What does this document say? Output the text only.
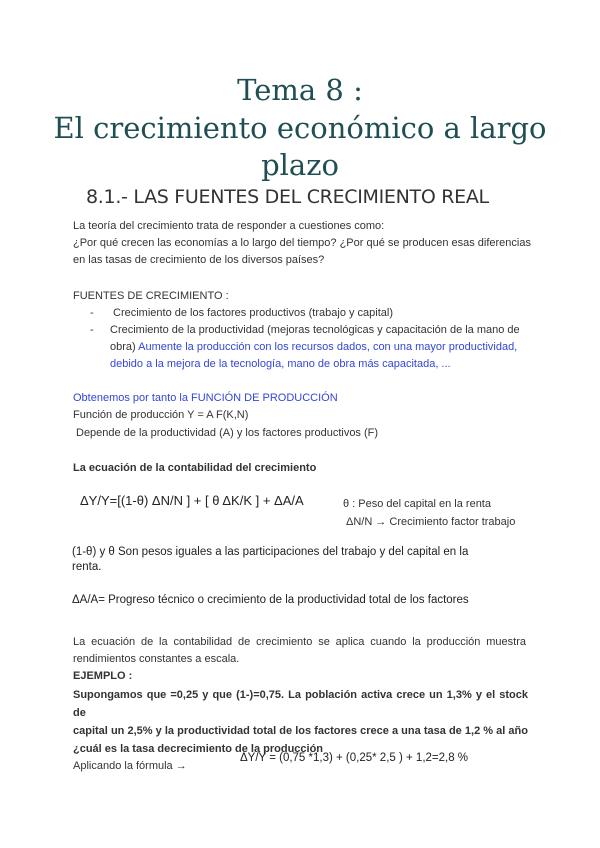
Tema 8 :
El crecimiento económico a largo
plazo
8.1.- LAS FUENTES DEL CRECIMIENTO REAL
La teoría del crecimiento trata de responder a cuestiones como:
¿Por qué crecen las economías a lo largo del tiempo? ¿Por qué se producen esas diferencias
en las tasas de crecimiento de los diversos países?
FUENTES DE CRECIMIENTO :
- Crecimiento de los factores productivos (trabajo y capital)
- Crecimiento de la productividad (mejoras tecnológicas y capacitación de la mano de
obra) Aumente la producción con los recursos dados, con una mayor productividad,
debido a la mejora de la tecnología, mano de obra más capacitada, ...
Obtenemos por tanto la FUNCIÓN DE PRODUCCIÓN
Función de producción Y = A F(K,N)
Depende de la productividad (A) y los factores productivos (F)
La ecuación de la contabilidad del crecimiento
ΔY/Y=[(1-θ) ΔN/N ] + [ θ ΔK/K ] + ΔA/A	θ : Peso del capital en la renta
ΔN/N → Crecimiento factor trabajo
(1-θ) y θ Son pesos iguales a las participaciones del trabajo y del capital en la
renta.
ΔA/A= Progreso técnico o crecimiento de la productividad total de los factores
La ecuación de la contabilidad de crecimiento se aplica cuando la producción muestra
rendimientos constantes a escala.
EJEMPLO :
Supongamos que =0,25 y que (1-)=0,75. La población activa crece un 1,3% y el stock de
capital un 2,5% y la productividad total de los factores crece a una tasa de 1,2 % al año
¿cuál es la tasa decrecimiento de la producción
Aplicando la fórmula →
ΔY/Y = (0,75 *1,3) + (0,25* 2,5 ) + 1,2=2,8 %
